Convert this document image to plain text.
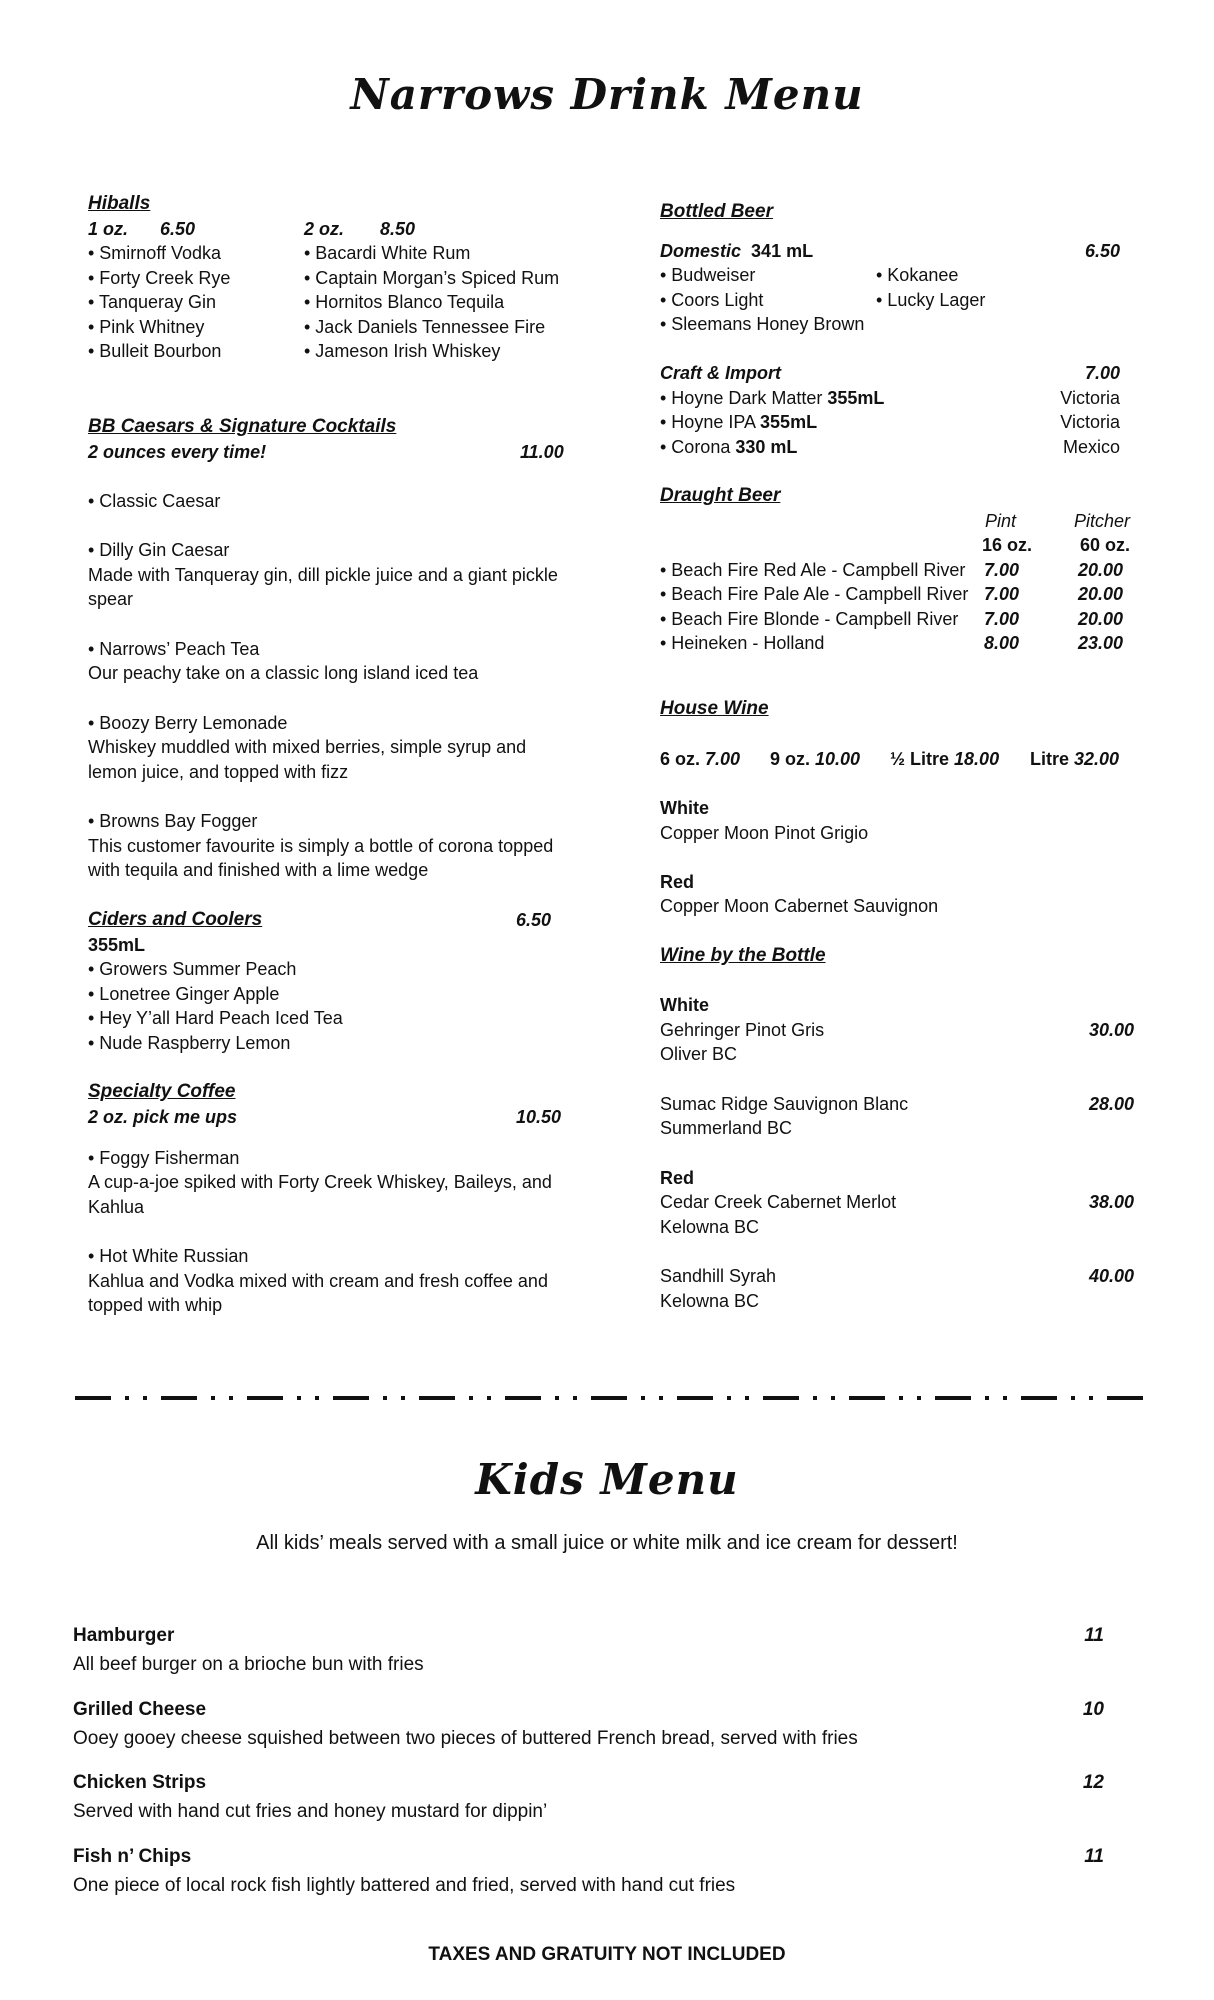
Narrows Drink Menu
Hiballs
1 oz. 6.50	2 oz. 8.50
• Smirnoff Vodka
• Forty Creek Rye
• Tanqueray Gin
• Pink Whitney
• Bulleit Bourbon
• Bacardi White Rum
• Captain Morgan’s Spiced Rum
• Hornitos Blanco Tequila
• Jack Daniels Tennessee Fire
• Jameson Irish Whiskey
BB Caesars & Signature Cocktails
2 ounces every time!	11.00
• Classic Caesar
• Dilly Gin Caesar
Made with Tanqueray gin, dill pickle juice and a giant pickle
spear
• Narrows’ Peach Tea
Our peachy take on a classic long island iced tea
• Boozy Berry Lemonade
Whiskey muddled with mixed berries, simple syrup and
lemon juice, and topped with fizz
• Browns Bay Fogger
This customer favourite is simply a bottle of corona topped
with tequila and finished with a lime wedge
Ciders and Coolers	6.50
355mL
• Growers Summer Peach
• Lonetree Ginger Apple
• Hey Y’all Hard Peach Iced Tea
• Nude Raspberry Lemon
Specialty Coffee
2 oz. pick me ups	10.50
• Foggy Fisherman
A cup-a-joe spiked with Forty Creek Whiskey, Baileys, and
Kahlua
• Hot White Russian
Kahlua and Vodka mixed with cream and fresh coffee and
topped with whip
Bottled Beer
Domestic 341 mL	6.50
• Budweiser
• Coors Light
• Sleemans Honey Brown
• Kokanee
• Lucky Lager
Craft & Import	7.00
• Hoyne Dark Matter 355mL	Victoria
• Hoyne IPA 355mL	Victoria
• Corona 330 mL	Mexico
Draught Beer
Pint	Pitcher
16 oz.	60 oz.
• Beach Fire Red Ale - Campbell River 7.00	20.00
• Beach Fire Pale Ale - Campbell River 7.00	20.00
• Beach Fire Blonde - Campbell River 7.00	20.00
• Heineken - Holland	8.00	23.00
House Wine
6 oz. 7.00 9 oz. 10.00 ½ Litre 18.00 Litre 32.00
White
Copper Moon Pinot Grigio
Red
Copper Moon Cabernet Sauvignon
Wine by the Bottle
White
Gehringer Pinot Gris	30.00
Oliver BC
Sumac Ridge Sauvignon Blanc	28.00
Summerland BC
Red
Cedar Creek Cabernet Merlot	38.00
Kelowna BC
Sandhill Syrah	40.00
Kelowna BC
Kids Menu
All kids’ meals served with a small juice or white milk and ice cream for dessert!
Hamburger	11
All beef burger on a brioche bun with fries
Grilled Cheese	10
Ooey gooey cheese squished between two pieces of buttered French bread, served with fries
Chicken Strips	12
Served with hand cut fries and honey mustard for dippin’
Fish n’ Chips	11
One piece of local rock fish lightly battered and fried, served with hand cut fries
TAXES AND GRATUITY NOT INCLUDED
